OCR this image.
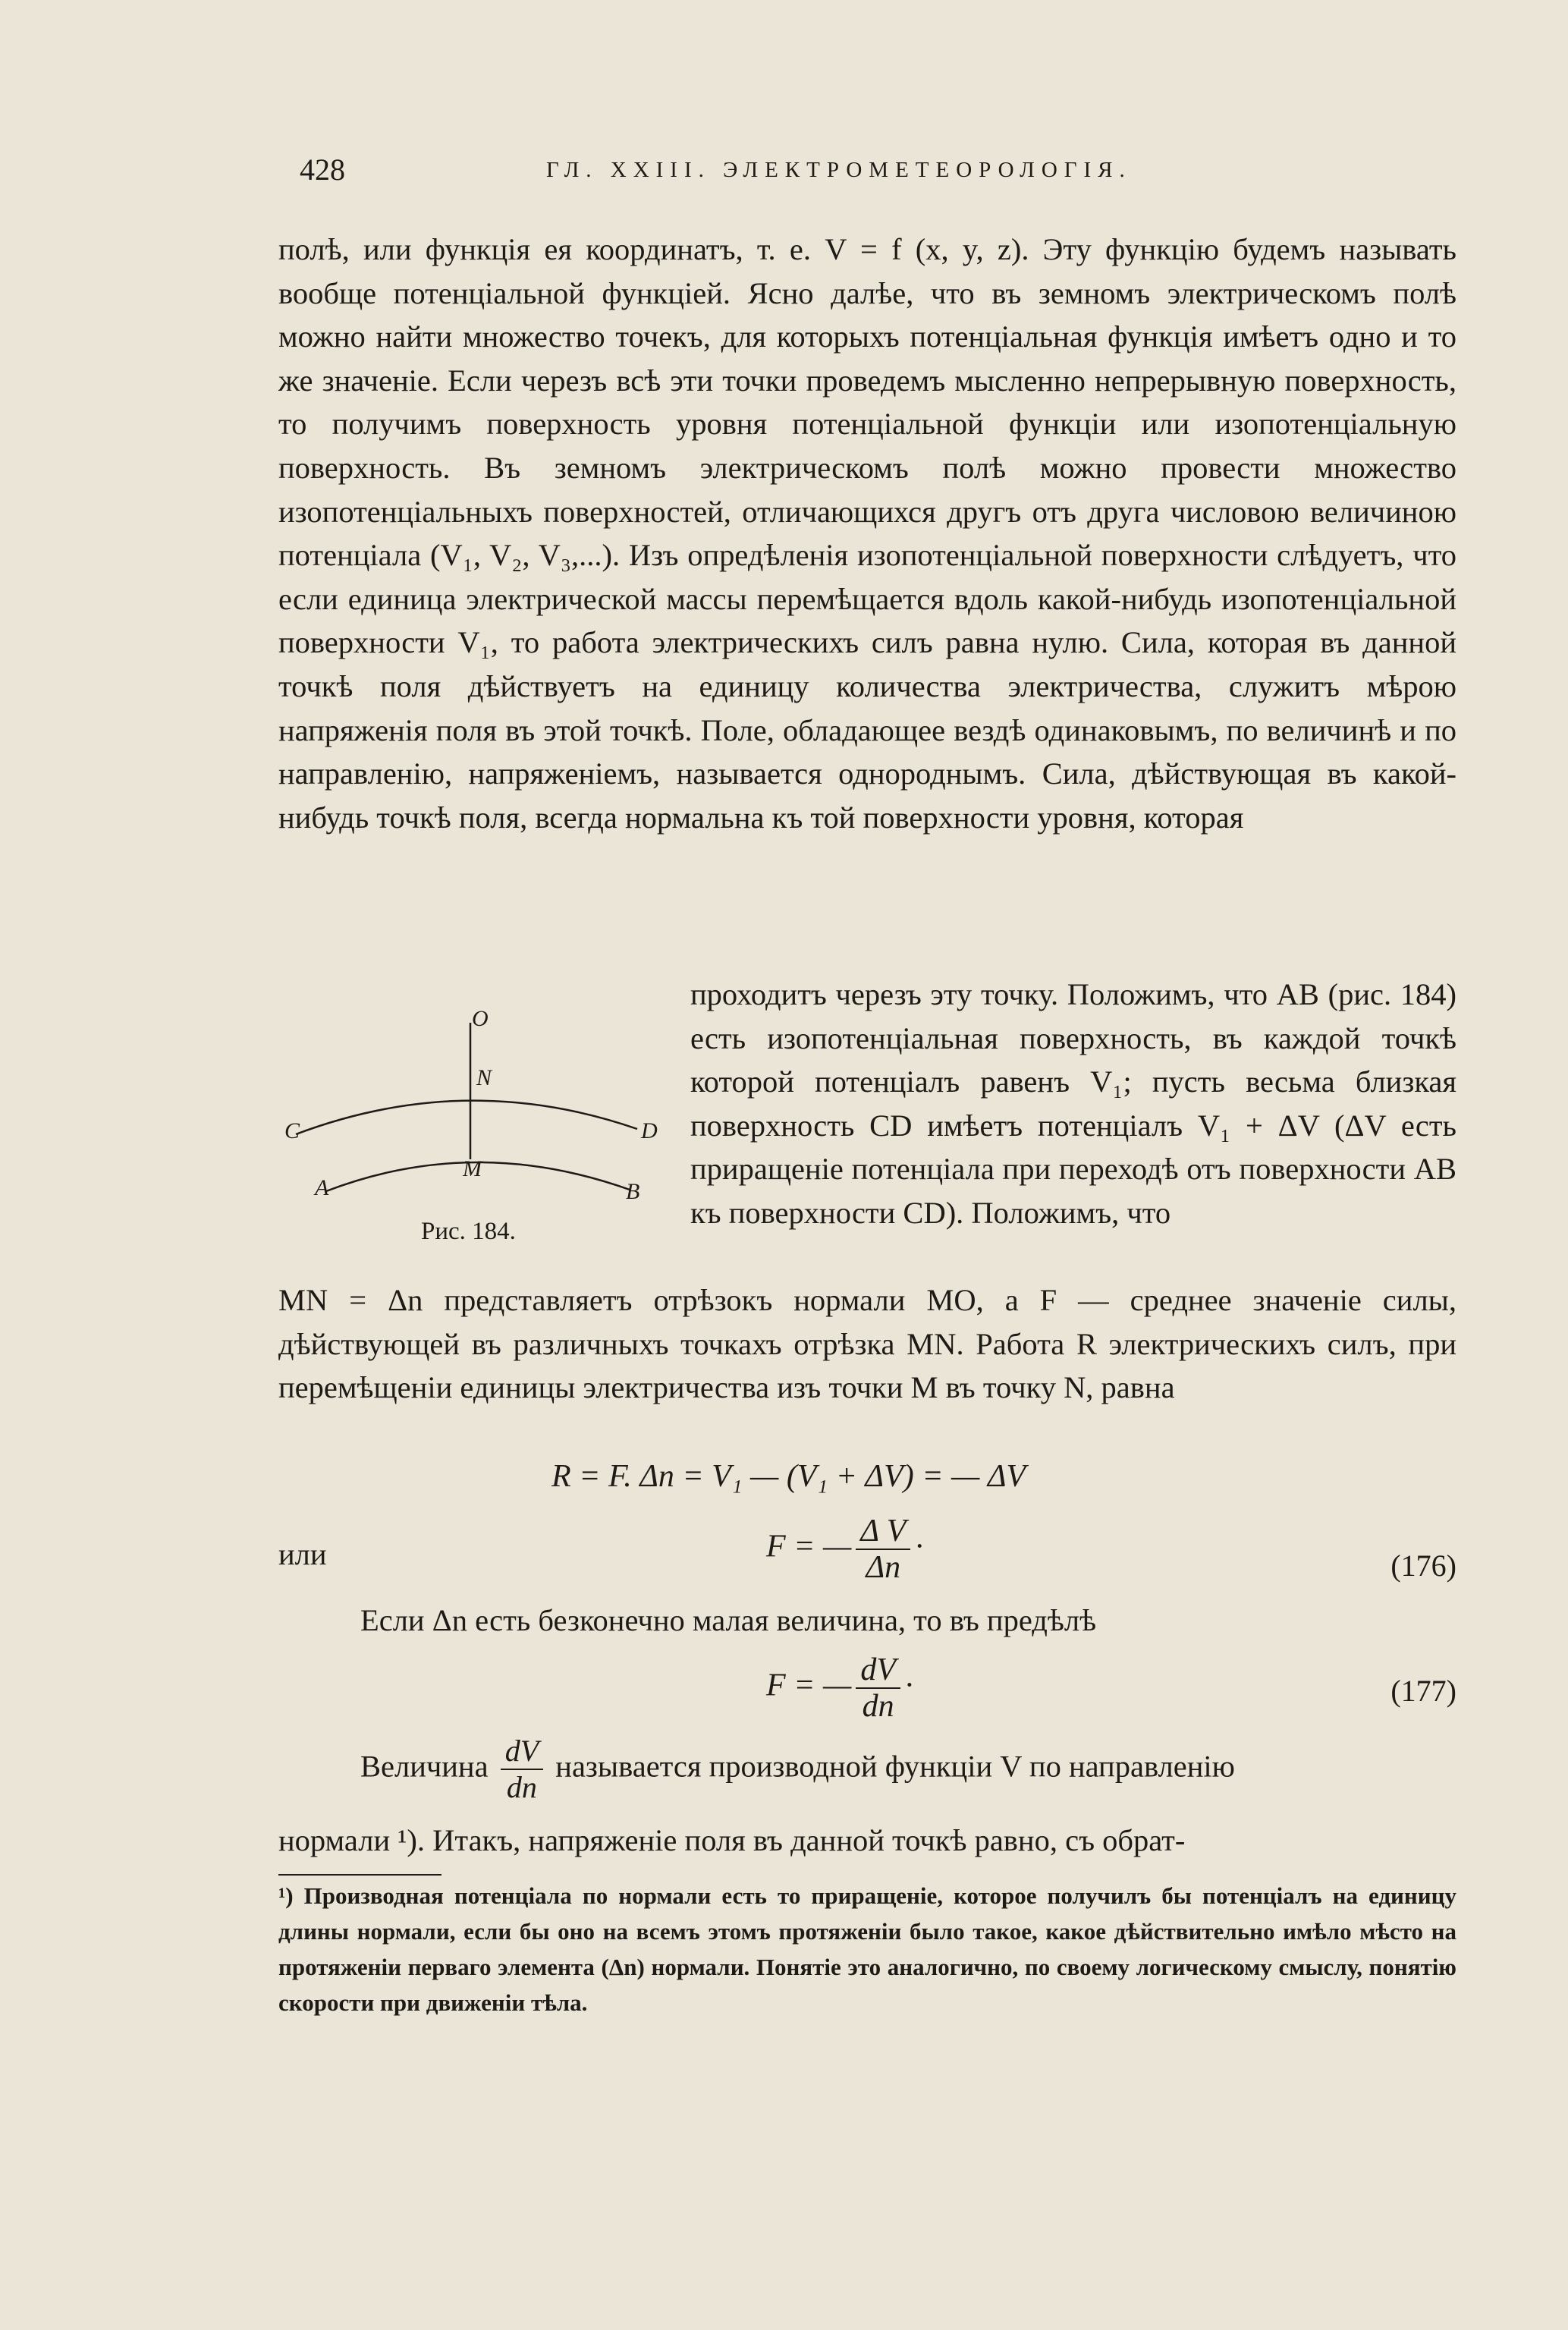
428	ГЛ. XXIII. ЭЛЕКТРОМЕТЕОРОЛОГІЯ.
полѣ, или функція ея координатъ, т. е. V = f (x, y, z). Эту функцію будемъ называть вообще потенціальной функціей. Ясно далѣе, что въ земномъ электрическомъ полѣ можно найти множество точекъ, для которыхъ потенціальная функція имѣетъ одно и то же значеніе. Если черезъ всѣ эти точки проведемъ мысленно непрерывную поверхность, то получимъ поверхность уровня потенціальной функціи или изопотенціальную поверхность. Въ земномъ электрическомъ полѣ можно провести множество изопотенціальныхъ поверхностей, отличающихся другъ отъ друга числовою величиною потенціала (V₁, V₂, V₃,...). Изъ опредѣленія изопотенціальной поверхности слѣдуетъ, что если единица электрической массы перемѣщается вдоль какой-нибудь изопотенціальной поверхности V₁, то работа электрическихъ силъ равна нулю. Сила, которая въ данной точкѣ поля дѣйствуетъ на единицу количества электричества, служитъ мѣрою напряженія поля въ этой точкѣ. Поле, обладающее вездѣ одинаковымъ, по величинѣ и по направленію, напряженіемъ, называется однороднымъ. Сила, дѣйствующая въ какой-нибудь точкѣ поля, всегда нормальна къ той поверхности уровня, которая
проходитъ черезъ эту точку. Положимъ, что AB (рис. 184) есть изопотенціальная поверхность, въ каждой точкѣ которой потенціалъ равенъ V₁; пусть весьма близкая поверхность CD имѣетъ потенціалъ V₁ + ΔV (ΔV есть приращеніе потенціала при переходѣ отъ поверхности AB къ поверхности CD). Положимъ, что
O
N
C	D
M
A	B
Рис. 184.
MN = Δn представляетъ отрѣзокъ нормали MO, а F — среднее значеніе силы, дѣйствующей въ различныхъ точкахъ отрѣзка MN. Работа R электрическихъ силъ, при перемѣщеніи единицы электричества изъ точки M въ точку N, равна
R = F. Δn = V₁ — (V₁ + ΔV) = — ΔV
или	F = — $\frac{\text{Δ V}}{\Delta n}$ ·
(176)
Если Δn есть безконечно малая величина, то въ предѣлѣ
F = — $\frac{dV}{dn}$ ·	(177)
Величина $\frac{dV}{dn}$ называется производной функціи V по направленію
нормали ¹). Итакъ, напряженіе поля въ данной точкѣ равно, съ обрат-
¹) Производная потенціала по нормали есть то приращеніе, которое получилъ бы потенціалъ на единицу длины нормали, если бы оно на всемъ этомъ протяженіи было такое, какое дѣйствительно имѣло мѣсто на протяженіи перваго элемента (Δn) нормали. Понятіе это аналогично, по своему логическому смыслу, понятію скорости при движеніи тѣла.
